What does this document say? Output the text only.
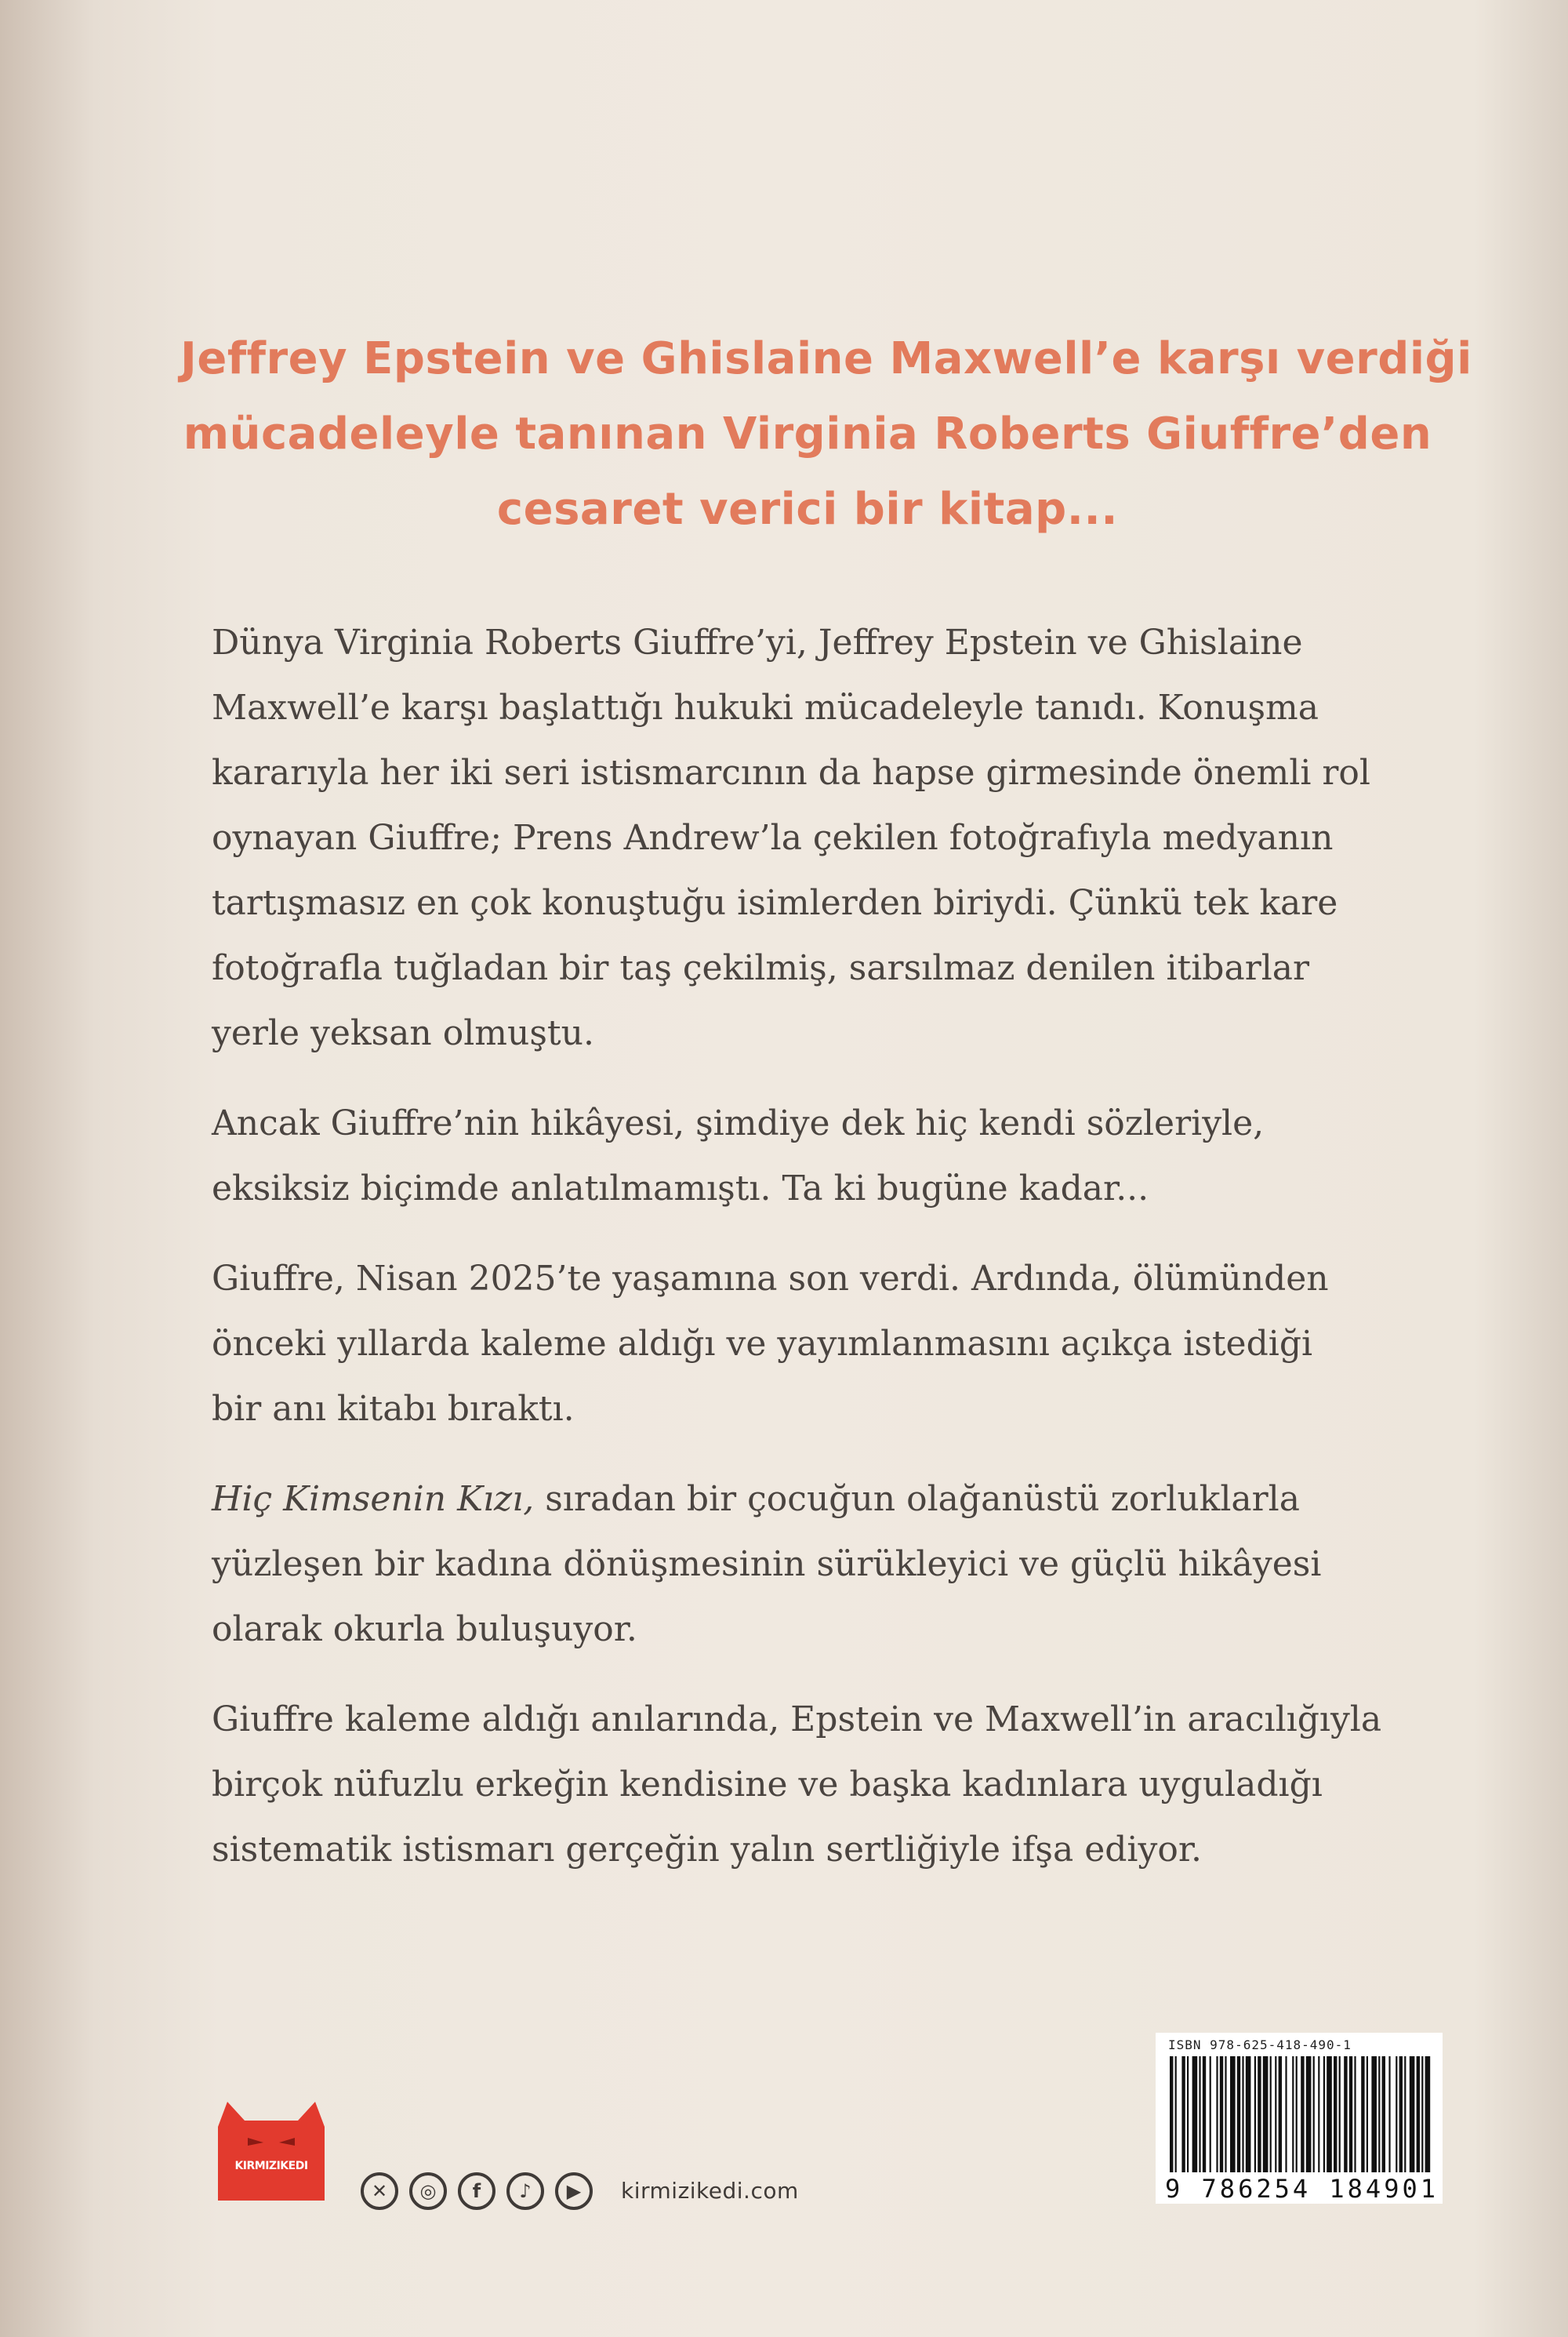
Jeffrey Epstein ve Ghislaine Maxwell’e karşı verdiği
mücadeleyle tanınan Virginia Roberts Giuffre’den
cesaret verici bir kitap...
Dünya Virginia Roberts Giuffre’yi, Jeffrey Epstein ve Ghislaine
Maxwell’e karşı başlattığı hukuki mücadeleyle tanıdı. Konuşma
kararıyla her iki seri istismarcının da hapse girmesinde önemli rol
oynayan Giuffre; Prens Andrew’la çekilen fotoğrafıyla medyanın
tartışmasız en çok konuştuğu isimlerden biriydi. Çünkü tek kare
fotoğrafla tuğladan bir taş çekilmiş, sarsılmaz denilen itibarlar
yerle yeksan olmuştu.
Ancak Giuffre’nin hikâyesi, şimdiye dek hiç kendi sözleriyle,
eksiksiz biçimde anlatılmamıştı. Ta ki bugüne kadar...
Giuffre, Nisan 2025’te yaşamına son verdi. Ardında, ölümünden
önceki yıllarda kaleme aldığı ve yayımlanmasını açıkça istediği
bir anı kitabı bıraktı.
Hiç Kimsenin Kızı, sıradan bir çocuğun olağanüstü zorluklarla
yüzleşen bir kadına dönüşmesinin sürükleyici ve güçlü hikâyesi
olarak okurla buluşuyor.
Giuffre kaleme aldığı anılarında, Epstein ve Maxwell’in aracılığıyla
birçok nüfuzlu erkeğin kendisine ve başka kadınlara uyguladığı
sistematik istismarı gerçeğin yalın sertliğiyle ifşa ediyor.
KIRMIZIKEDI
✕	◎	f	♪	▶	kirmizikedi.com
ISBN 978-625-418-490-1
9 786254 184901
